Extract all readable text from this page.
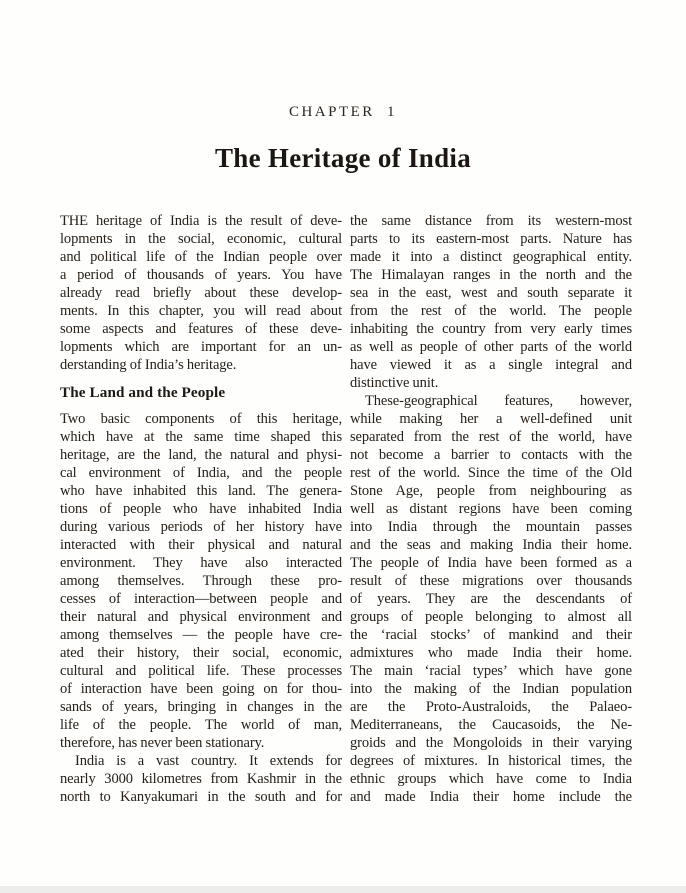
CHAPTER 1
The Heritage of India
THE heritage of India is the result of deve-
lopments in the social, economic, cultural
and political life of the Indian people over
a period of thousands of years. You have
already read briefly about these develop-
ments. In this chapter, you will read about
some aspects and features of these deve-
lopments which are important for an un-
derstanding of India’s heritage.
The Land and the People
Two basic components of this heritage,
which have at the same time shaped this
heritage, are the land, the natural and physi-
cal environment of India, and the people
who have inhabited this land. The genera-
tions of people who have inhabited India
during various periods of her history have
interacted with their physical and natural
environment. They have also interacted
among themselves. Through these pro-
cesses of interaction—between people and
their natural and physical environment and
among themselves — the people have cre-
ated their history, their social, economic,
cultural and political life. These processes
of interaction have been going on for thou-
sands of years, bringing in changes in the
life of the people. The world of man,
therefore, has never been stationary.
India is a vast country. It extends for
nearly 3000 kilometres from Kashmir in the
north to Kanyakumari in the south and for
the same distance from its western-most
parts to its eastern-most parts. Nature has
made it into a distinct geographical entity.
The Himalayan ranges in the north and the
sea in the east, west and south separate it
from the rest of the world. The people
inhabiting the country from very early times
as well as people of other parts of the world
have viewed it as a single integral and
distinctive unit.
These-geographical features, however,
while making her a well-defined unit
separated from the rest of the world, have
not become a barrier to contacts with the
rest of the world. Since the time of the Old
Stone Age, people from neighbouring as
well as distant regions have been coming
into India through the mountain passes
and the seas and making India their home.
The people of India have been formed as a
result of these migrations over thousands
of years. They are the descendants of
groups of people belonging to almost all
the ‘racial stocks’ of mankind and their
admixtures who made India their home.
The main ‘racial types’ which have gone
into the making of the Indian population
are the Proto-Australoids, the Palaeo-
Mediterraneans, the Caucasoids, the Ne-
groids and the Mongoloids in their varying
degrees of mixtures. In historical times, the
ethnic groups which have come to India
and made India their home include the
